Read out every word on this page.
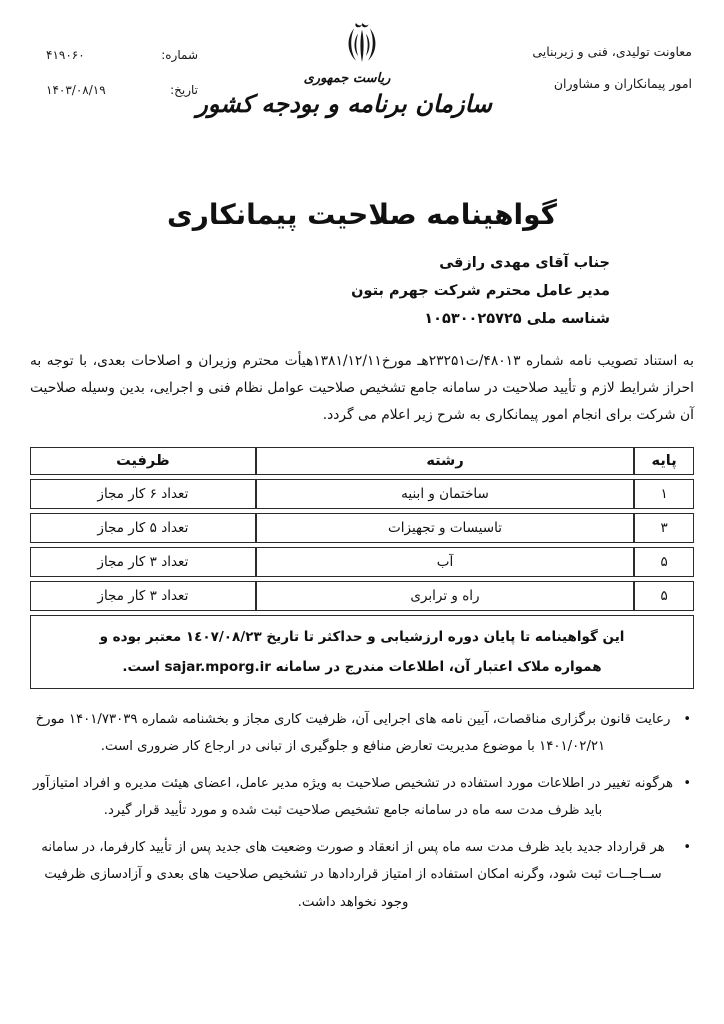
معاونت تولیدی، فنی و زیربنایی
امور پیمانکاران و مشاوران
ریاست جمهوری
سازمان برنامه و بودجه کشور
شماره:
۴۱۹۰۶۰
تاریخ:
۱۴۰۳/۰۸/۱۹
گواهینامه صلاحیت پیمانکاری
جناب آقای مهدی رازقی
مدیر عامل محترم شرکت جهرم بتون
شناسه ملی ۱۰۵۳۰۰۲۵۷۲۵

به استناد تصویب نامه شماره ۴۸۰۱۳/ت۲۳۲۵۱هـ مورخ۱۳۸۱/۱۲/۱۱هیأت محترم وزیران و اصلاحات بعدی، با توجه به احراز شرایط لازم و تأیید صلاحیت در سامانه جامع تشخیص صلاحیت عوامل نظام فنی و اجرایی، بدین وسیله صلاحیت آن شرکت برای انجام امور پیمانکاری به شرح زیر اعلام می گردد.

پایه	رشته	ظرفیت
۱	ساختمان و ابنیه	تعداد ۶ کار مجاز
۳	تاسیسات و تجهیزات	تعداد ۵ کار مجاز
۵	آب	تعداد ۳ کار مجاز
۵	راه و ترابری	تعداد ۳ کار مجاز

این گواهینامه تا پایان دوره ارزشیابی و حداکثر تا تاریخ ۱٤۰۷/۰۸/۲۳ معتبر بوده و
همواره ملاک اعتبار آن، اطلاعات مندرج در سامانه sajar.mporg.ir است.		
•
رعایت قانون برگزاری مناقصات، آیین نامه های اجرایی آن، ظرفیت کاری مجاز و بخشنامه شماره ۱۴۰۱/۷۳۰۳۹ مورخ ۱۴۰۱/۰۲/۲۱ با موضوع مدیریت تعارض منافع و جلوگیری از تبانی در ارجاع کار ضروری است.
•
هرگونه تغییر در اطلاعات مورد استفاده در تشخیص صلاحیت به ویژه مدیر عامل، اعضای هیئت مدیره و افراد امتیازآور باید ظرف مدت سه ماه در سامانه جامع تشخیص صلاحیت ثبت شده و مورد تأیید قرار گیرد.
•
هر قرارداد جدید باید ظرف مدت سه ماه پس از انعقاد و صورت وضعیت های جدید پس از تأیید کارفرما، در سامانه ســاجــات ثبت شود، وگرنه امکان استفاده از امتیاز قراردادها در تشخیص صلاحیت های بعدی و آزادسازی ظرفیت وجود نخواهد داشت.
